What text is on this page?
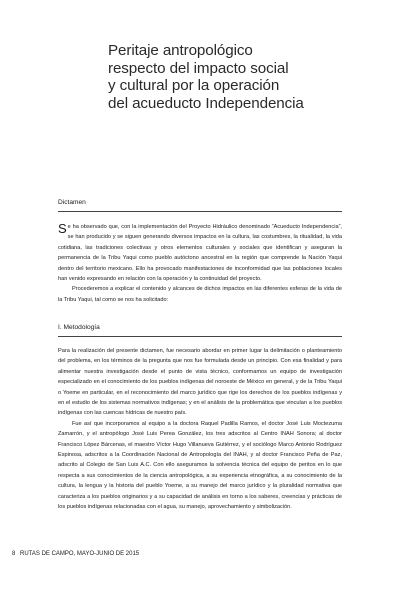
Peritaje antropológico
respecto del impacto social
y cultural por la operación
del acueducto Independencia
Dictamen

Se ha observado que, con la implementación del Proyecto Hidráulico denominado “Acueducto Independencia”, se han producido y se siguen generando diversos impactos en la cultura, las costumbres, la ritualidad, la vida cotidiana, las tradiciones colectivas y otros elementos culturales y sociales que identifican y aseguran la permanencia de la Tribu Yaqui como pueblo autóctono ancestral en la región que comprende la Nación Yaqui dentro del territorio mexicano. Ello ha provocado manifestaciones de inconformidad que las poblaciones locales han venido expresando en relación con la operación y la continuidad del proyecto.

Procederemos a explicar el contenido y alcances de dichos impactos en las diferentes esferas de la vida de la Tribu Yaqui, tal como se nos ha solicitado:

I. Metodología

Para la realización del presente dictamen, fue necesario abordar en primer lugar la delimitación o planteamiento del problema, en los términos de la pregunta que nos fue formulada desde un principio. Con esa finalidad y para alimentar nuestra investigación desde el punto de vista técnico, conformamos un equipo de investigación especializado en el conocimiento de los pueblos indígenas del noroeste de México en general, y de la Tribu Yaqui o Yoeme en particular, en el reconocimiento del marco jurídico que rige los derechos de los pueblos indígenas y en el estudio de los sistemas normativos indígenas; y en el análisis de la problemática que vinculan a los pueblos indígenas con las cuencas hídricas de nuestro país.

Fue así que incorporamos al equipo a la doctora Raquel Padilla Ramos, el doctor José Luis Moctezuma Zamarrón, y el antropólogo José Luis Perea González, los tres adscritos al Centro INAH Sonora; al doctor Francisco López Bárcenas, el maestro Víctor Hugo Villanueva Gutiérrez, y el sociólogo Marco Antonio Rodríguez Espinosa, adscritos a la Coordinación Nacional de Antropología del INAH, y al doctor Francisco Peña de Paz, adscrito al Colegio de San Luis A.C. Con ello aseguramos la solvencia técnica del equipo de peritos en lo que respecta a sus conocimientos de la ciencia antropológica, a su experiencia etnográfica, a su conocimiento de la cultura, la lengua y la historia del pueblo Yoeme, a su manejo del marco jurídico y la pluralidad normativa que caracteriza a los pueblos originarios y a su capacidad de análisis en torno a los saberes, creencias y prácticas de los pueblos indígenas relacionadas con el agua, su manejo, aprovechamiento y simbolización.

8 RUTAS DE CAMPO, MAYO-JUNIO DE 2015
